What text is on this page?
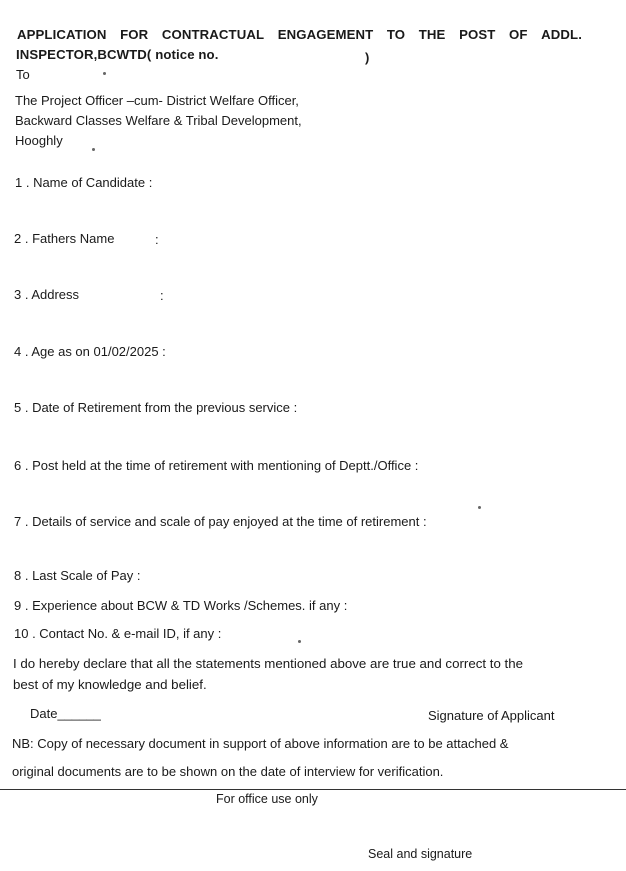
APPLICATION FOR CONTRACTUAL ENGAGEMENT TO THE POST OF ADDL.
INSPECTOR,BCWTD( notice no.	)
To
The Project Officer –cum- District Welfare Officer,
Backward Classes Welfare & Tribal Development,
Hooghly
1 . Name of Candidate :
2 . Fathers Name	:
3 . Address	:
4 . Age as on 01/02/2025 :
5 . Date of Retirement from the previous service :
6 . Post held at the time of retirement with mentioning of Deptt./Office :
7 . Details of service and scale of pay enjoyed at the time of retirement :
8 . Last Scale of Pay :
9 . Experience about BCW & TD Works /Schemes. if any :
10 . Contact No. & e-mail ID, if any :
I do hereby declare that all the statements mentioned above are true and correct to the
best of my knowledge and belief.
Date______	Signature of Applicant
NB: Copy of necessary document in support of above information are to be attached &
original documents are to be shown on the date of interview for verification.
For office use only
Seal and signature
